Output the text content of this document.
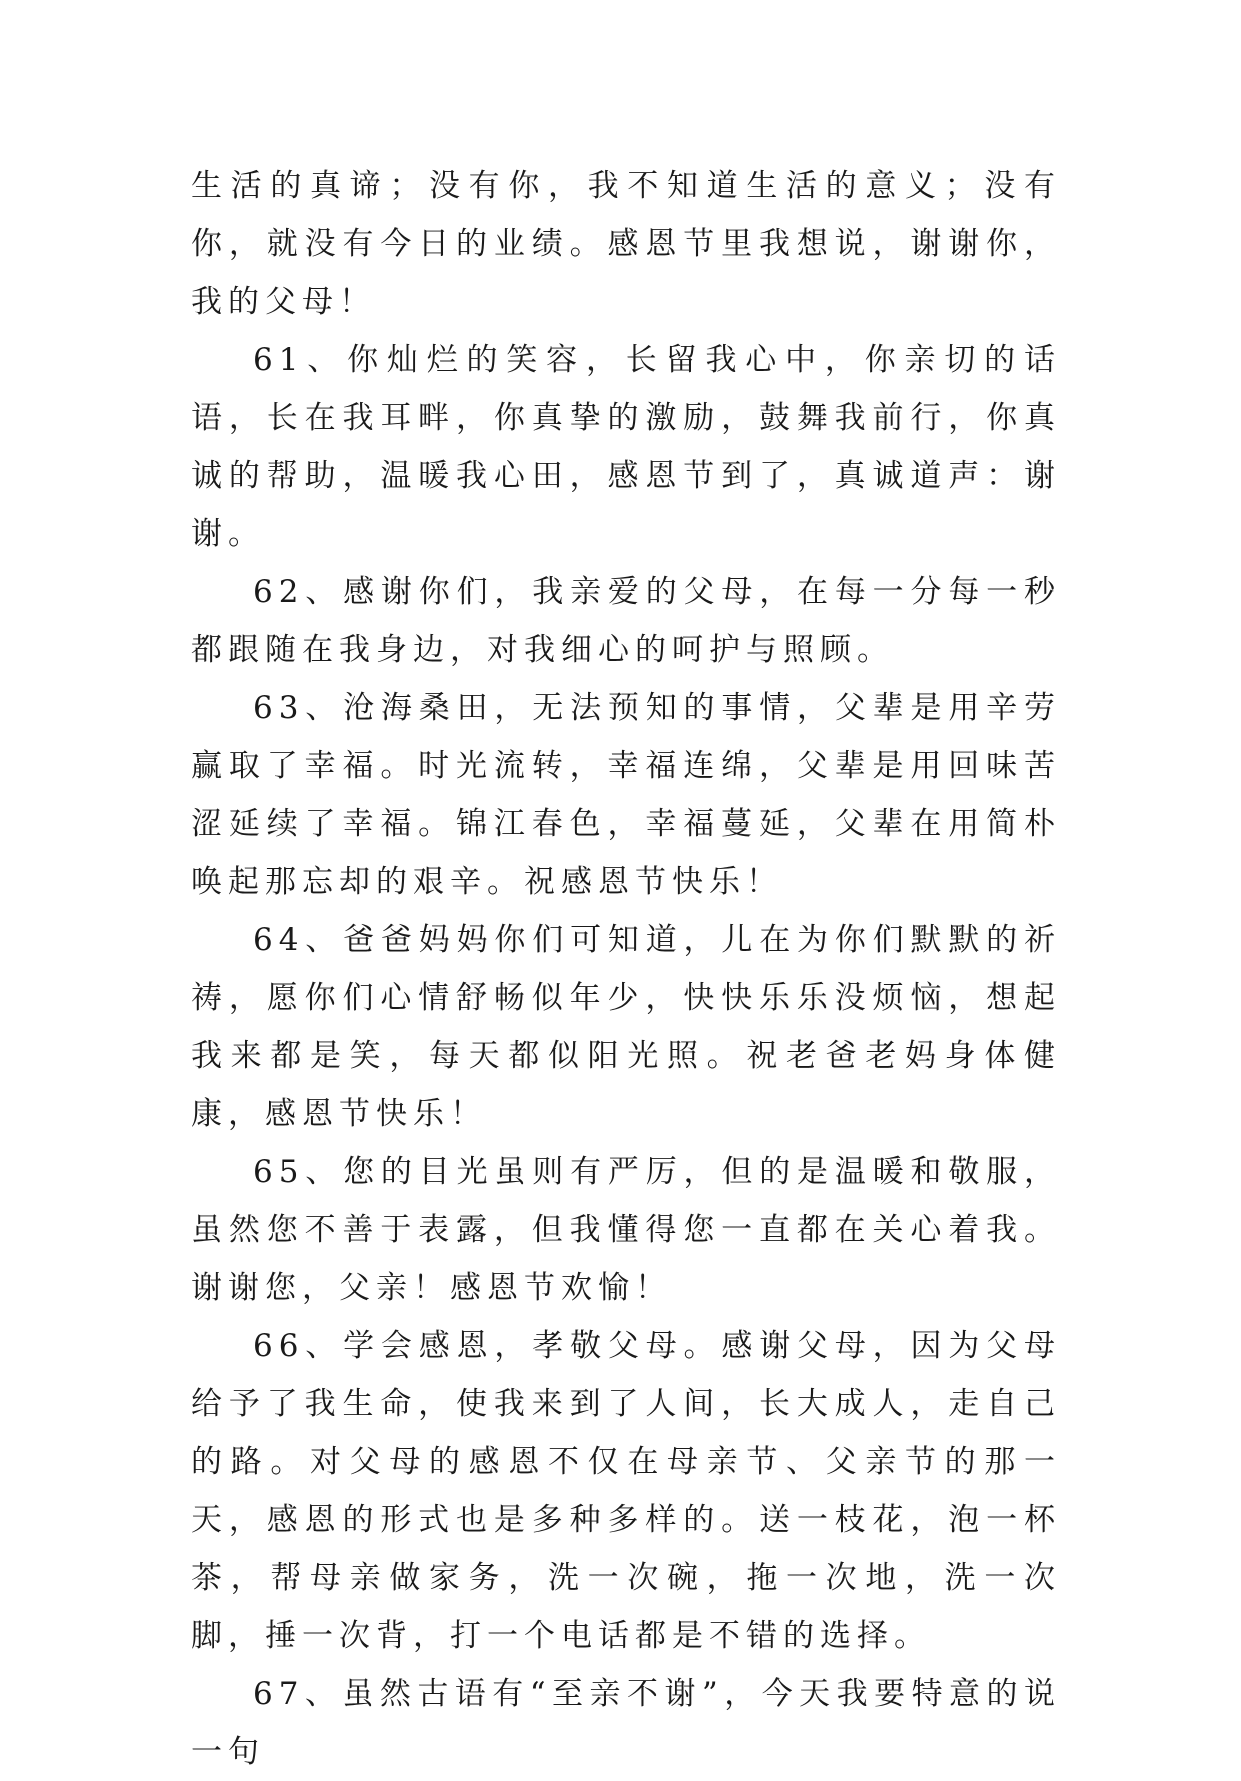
生活的真谛；没有你，我不知道生活的意义；没有你，就没有今日的业绩。感恩节里我想说，谢谢你，我的父母！

61、你灿烂的笑容，长留我心中，你亲切的话语，长在我耳畔，你真挚的激励，鼓舞我前行，你真诚的帮助，温暖我心田，感恩节到了，真诚道声：谢谢。

62、感谢你们，我亲爱的父母，在每一分每一秒都跟随在我身边，对我细心的呵护与照顾。

63、沧海桑田，无法预知的事情，父辈是用辛劳赢取了幸福。时光流转，幸福连绵，父辈是用回味苦涩延续了幸福。锦江春色，幸福蔓延，父辈在用简朴唤起那忘却的艰辛。祝感恩节快乐！

64、爸爸妈妈你们可知道，儿在为你们默默的祈祷，愿你们心情舒畅似年少，快快乐乐没烦恼，想起我来都是笑，每天都似阳光照。祝老爸老妈身体健康，感恩节快乐！

65、您的目光虽则有严厉，但的是温暖和敬服，虽然您不善于表露，但我懂得您一直都在关心着我。谢谢您，父亲！感恩节欢愉！

66、学会感恩，孝敬父母。感谢父母，因为父母给予了我生命，使我来到了人间，长大成人，走自己的路。对父母的感恩不仅在母亲节、父亲节的那一天，感恩的形式也是多种多样的。送一枝花，泡一杯茶，帮母亲做家务，洗一次碗，拖一次地，洗一次脚，捶一次背，打一个电话都是不错的选择。

67、虽然古语有“至亲不谢”，今天我要特意的说一句
